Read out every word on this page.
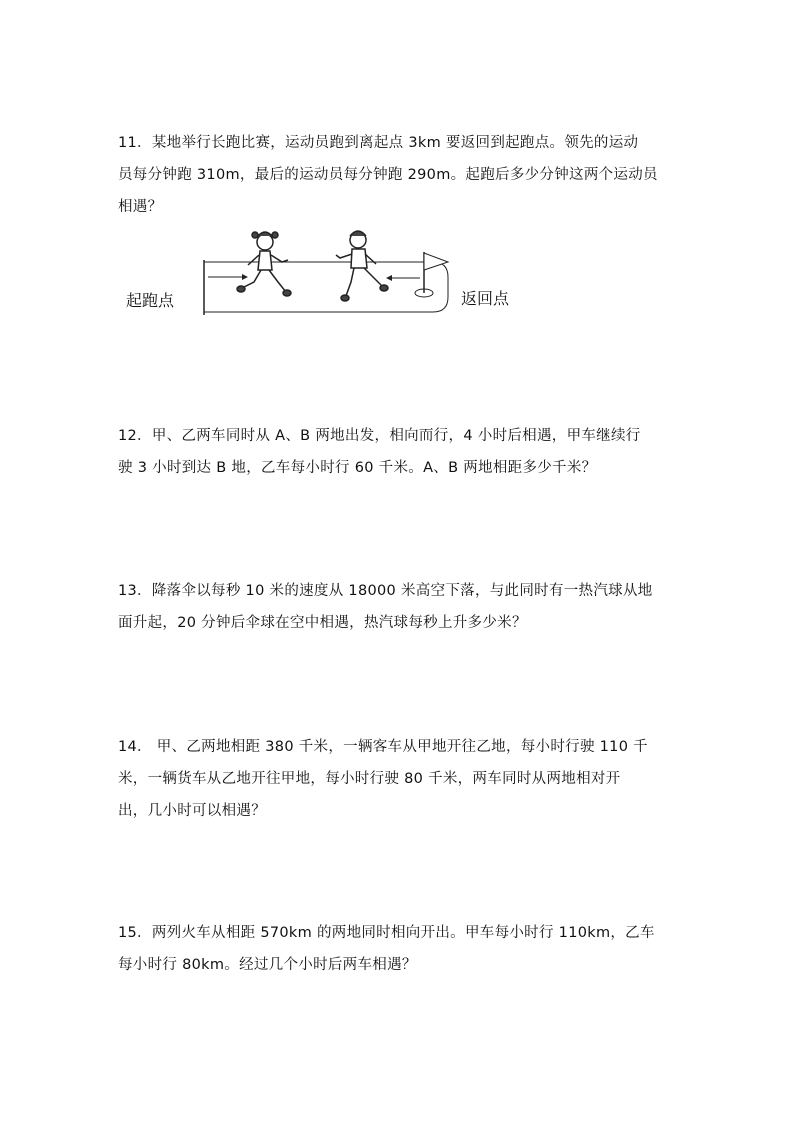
11．某地举行长跑比赛，运动员跑到离起点 3km 要返回到起跑点。领先的运动
员每分钟跑 310m，最后的运动员每分钟跑 290m。起跑后多少分钟这两个运动员
相遇？
起跑点	返回点
12．甲、乙两车同时从 A、B 两地出发，相向而行，4 小时后相遇，甲车继续行
驶 3 小时到达 B 地，乙车每小时行 60 千米。A、B 两地相距多少千米？
13．降落伞以每秒 10 米的速度从 18000 米高空下落，与此同时有一热汽球从地
面升起，20 分钟后伞球在空中相遇，热汽球每秒上升多少米？
14． 甲、乙两地相距 380 千米，一辆客车从甲地开往乙地，每小时行驶 110 千
米，一辆货车从乙地开往甲地，每小时行驶 80 千米，两车同时从两地相对开
出，几小时可以相遇？
15．两列火车从相距 570km 的两地同时相向开出。甲车每小时行 110km，乙车
每小时行 80km。经过几个小时后两车相遇？
